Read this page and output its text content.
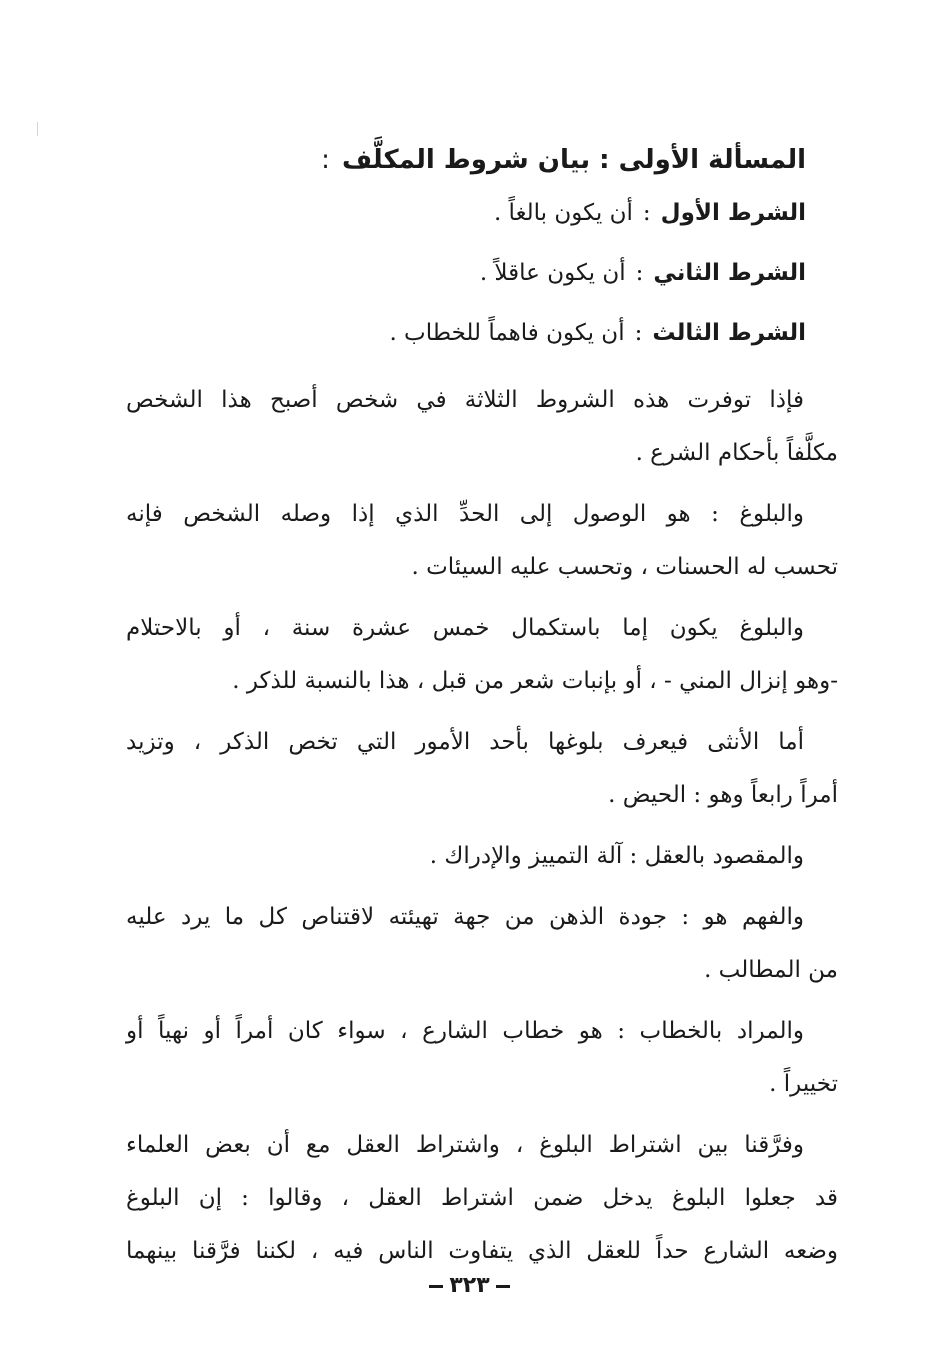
المسألة الأولى : بيان شروط المكلَّف:
الشرط الأول:أن يكون بالغاً .
الشرط الثاني:أن يكون عاقلاً .
الشرط الثالث:أن يكون فاهماً للخطاب .
فإذا توفرت هذه الشروط الثلاثة في شخص أصبح هذا الشخص
مكلَّفاً بأحكام الشرع .
والبلوغ : هو الوصول إلى الحدِّ الذي إذا وصله الشخص فإنه
تحسب له الحسنات ، وتحسب عليه السيئات .
والبلوغ يكون إما باستكمال خمس عشرة سنة ، أو بالاحتلام
-وهو إنزال المني - ، أو بإنبات شعر من قبل ، هذا بالنسبة للذكر .
أما الأنثى فيعرف بلوغها بأحد الأمور التي تخص الذكر ، وتزيد
أمراً رابعاً وهو : الحيض .
والمقصود بالعقل : آلة التمييز والإدراك .
والفهم هو : جودة الذهن من جهة تهيئته لاقتناص كل ما يرد عليه
من المطالب .
والمراد بالخطاب : هو خطاب الشارع ، سواء كان أمراً أو نهياً أو
تخييراً .
وفرَّقنا بين اشتراط البلوغ ، واشتراط العقل مع أن بعض العلماء
قد جعلوا البلوغ يدخل ضمن اشتراط العقل ، وقالوا : إن البلوغ
وضعه الشارع حداً للعقل الذي يتفاوت الناس فيه ، لكننا فرَّقنا بينهما
٣٢٣
